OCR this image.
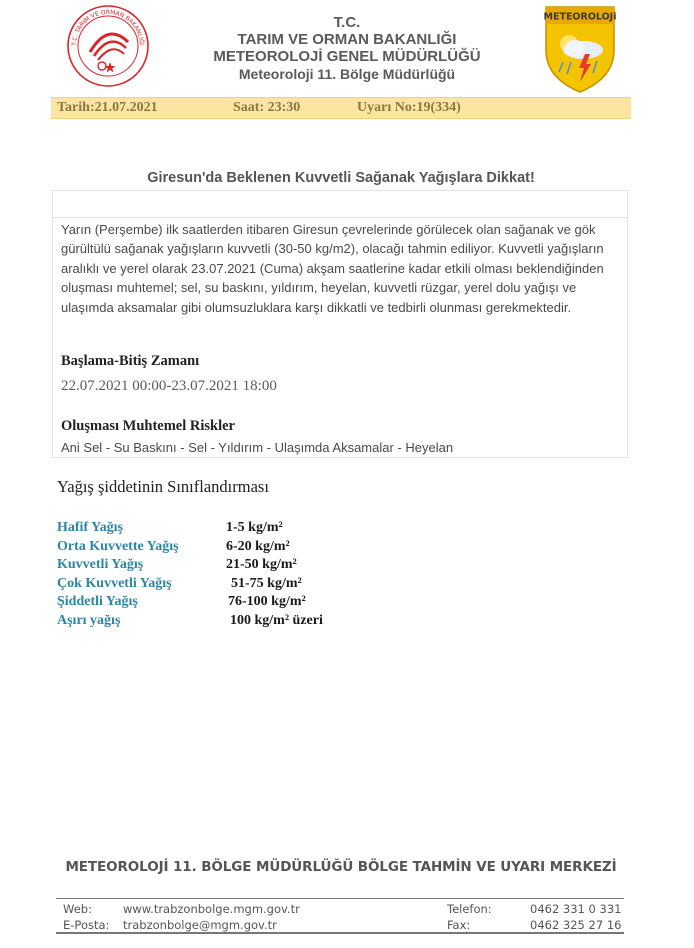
T.C. TARIM VE ORMAN BAKANLIĞI
T.C.
TARIM VE ORMAN BAKANLIĞI
METEOROLOJİ GENEL MÜDÜRLÜĞÜ
Meteoroloji 11. Bölge Müdürlüğü
METEOROLOJi
Tarih:21.07.2021	Saat: 23:30	Uyarı No:19(334)
Giresun'da Beklenen Kuvvetli Sağanak Yağışlara Dikkat!

Yarın (Perşembe) ilk saatlerden itibaren Giresun çevrelerinde görülecek olan sağanak ve gök gürültülü sağanak yağışların kuvvetli (30-50 kg/m2), olacağı tahmin ediliyor. Kuvvetli yağışların aralıklı ve yerel olarak 23.07.2021 (Cuma) akşam saatlerine kadar etkili olması beklendiğinden oluşması muhtemel; sel, su baskını, yıldırım, heyelan, kuvvetli rüzgar, yerel dolu yağışı ve ulaşımda aksamalar gibi olumsuzluklara karşı dikkatli ve tedbirli olunması gerekmektedir.

Başlama-Bitiş Zamanı
22.07.2021 00:00-23.07.2021 18:00
Oluşması Muhtemel Riskler
Ani Sel - Su Baskını - Sel - Yıldırım - Ulaşımda Aksamalar - Heyelan
Yağış şiddetinin Sınıflandırması
Hafif Yağış	1-5 kg/m²
Orta Kuvvette Yağış	6-20 kg/m²
Kuvvetli Yağış	21-50 kg/m²
Çok Kuvvetli Yağış	51-75 kg/m²
Şiddetli Yağış	76-100 kg/m²
Aşırı yağış	100 kg/m² üzeri
METEOROLOJİ 11. BÖLGE MÜDÜRLÜĞÜ BÖLGE TAHMİN VE UYARI MERKEZİ
Web:	www.trabzonbolge.mgm.gov.tr
E-Posta: trabzonbolge@mgm.gov.tr
Telefon:	0462 331 0 331
Fax:	0462 325 27 16
